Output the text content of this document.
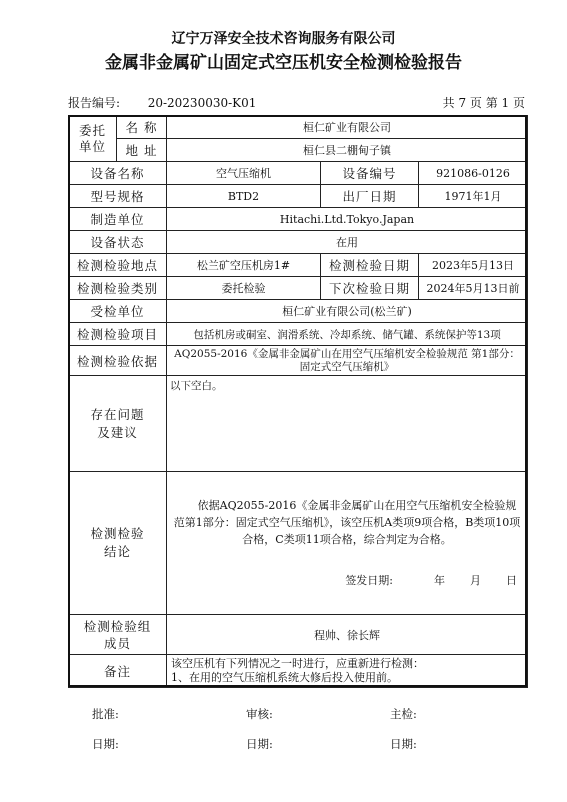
辽宁万泽安全技术咨询服务有限公司
金属非金属矿山固定式空压机安全检测检验报告
报告编号: 20-20230030-K01	共 7 页 第 1 页
委托
单位	名 称	桓仁矿业有限公司		
	地 址	桓仁县二棚甸子镇		
设备名称		空气压缩机	设备编号	921086-0126
型号规格		BTD2	出厂日期	1971年1月
制造单位		Hitachi.Ltd.Tokyo.Japan		
设备状态		在用		
检测检验地点		松兰矿空压机房1#	检测检验日期	2023年5月13日
检测检验类别		委托检验	下次检验日期	2024年5月13日前
受检单位		桓仁矿业有限公司(松兰矿)		
检测检验项目		包括机房或硐室、润滑系统、冷却系统、储气罐、系统保护等13项		
检测检验依据		AQ2055-2016《金属非金属矿山在用空气压缩机安全检验规范 第1部分：固定式空气压缩机》		
存在问题
及建议		以下空白。		
检测检验
结论		依据AQ2055-2016《金属非金属矿山在用空气压缩机安全检验规范第1部分：固定式空气压缩机》，该空压机A类项9项合格，B类项10项合格，C类项11项合格，综合判定为合格。
签发日期: 年 月 日		

检测检验组
成员		程帅、徐长辉		
备注		该空压机有下列情况之一时进行，应重新进行检测：
1、在用的空气压缩机系统大修后投入使用前。		
批准:	审核:	主检:
日期:	日期:	日期:
